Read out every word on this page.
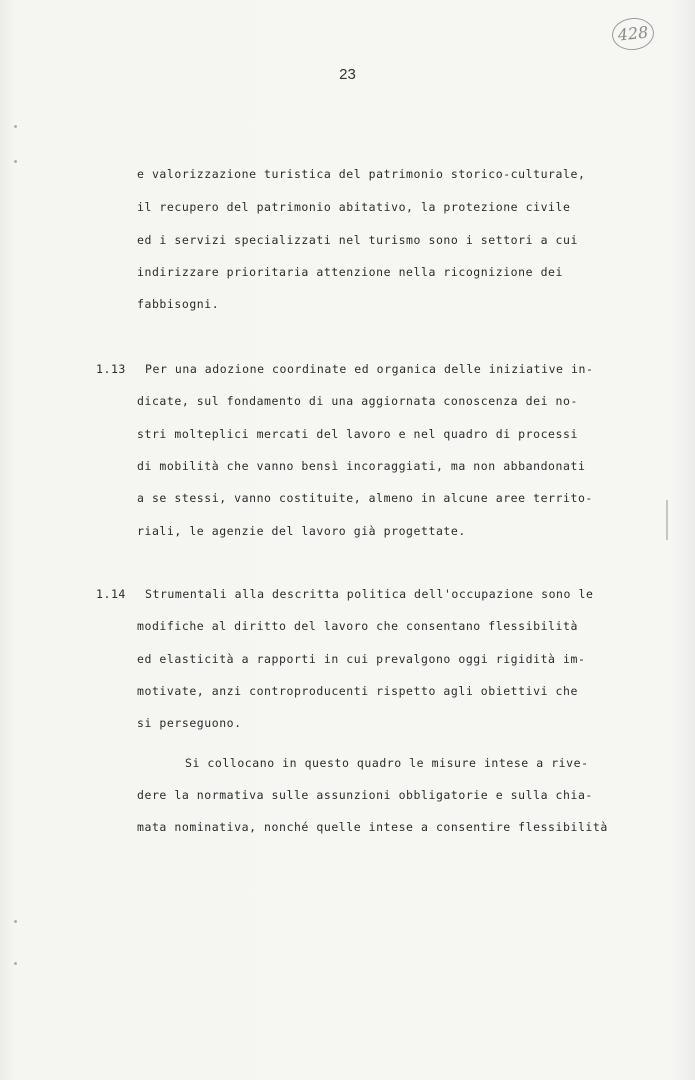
428
23
e valorizzazione turistica del patrimonio storico-culturale,
il recupero del patrimonio abitativo, la protezione civile
ed i servizi specializzati nel turismo sono i settori a cui
indirizzare prioritaria attenzione nella ricognizione dei
fabbisogni.
1.13 Per una adozione coordinate ed organica delle iniziative in-
dicate, sul fondamento di una aggiornata conoscenza dei no-
stri molteplici mercati del lavoro e nel quadro di processi
di mobilità che vanno bensì incoraggiati, ma non abbandonati
a se stessi, vanno costituite, almeno in alcune aree territo-
riali, le agenzie del lavoro già progettate.
1.14 Strumentali alla descritta politica dell'occupazione sono le
modifiche al diritto del lavoro che consentano flessibilità
ed elasticità a rapporti in cui prevalgono oggi rigidità im-
motivate, anzi controproducenti rispetto agli obiettivi che
si perseguono.
Si collocano in questo quadro le misure intese a rive-
dere la normativa sulle assunzioni obbligatorie e sulla chia-
mata nominativa, nonché quelle intese a consentire flessibilità
